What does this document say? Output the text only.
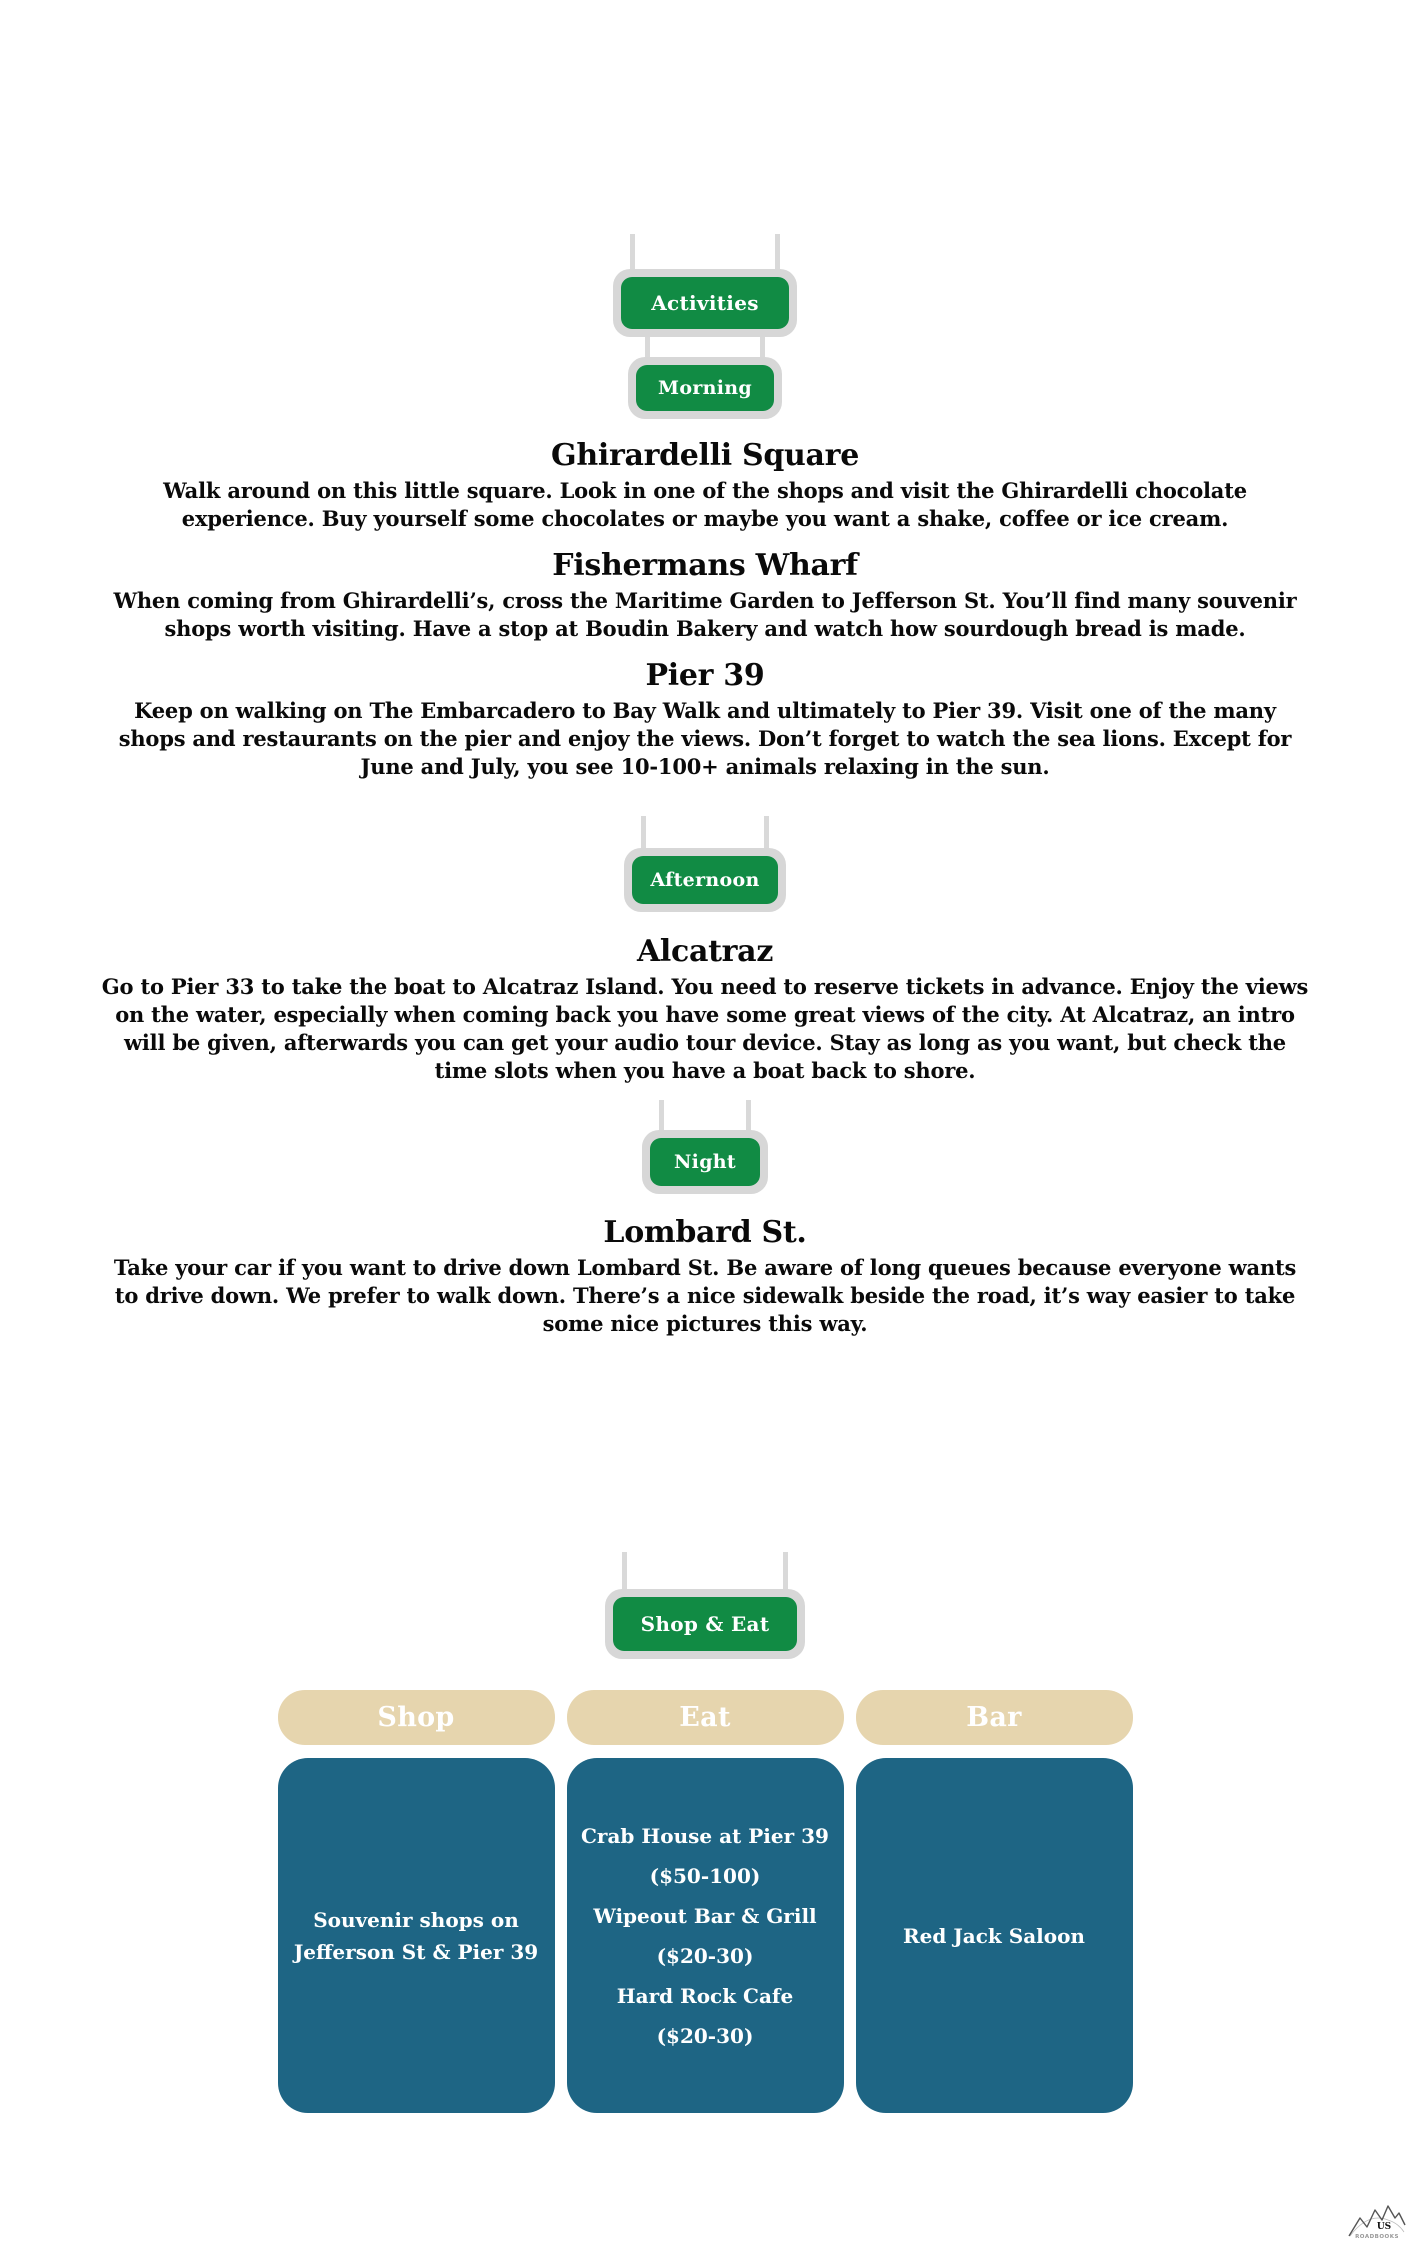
Activities
Morning
Ghirardelli Square

Walk around on this little square. Look in one of the shops and visit the Ghirardelli chocolate experience. Buy yourself some chocolates or maybe you want a shake, coffee or ice cream.

Fishermans Wharf

When coming from Ghirardelli’s, cross the Maritime Garden to Jefferson St. You’ll find many souvenir shops worth visiting. Have a stop at Boudin Bakery and watch how sourdough bread is made.

Pier 39

Keep on walking on The Embarcadero to Bay Walk and ultimately to Pier 39. Visit one of the many shops and restaurants on the pier and enjoy the views. Don’t forget to watch the sea lions. Except for June and July, you see 10-100+ animals relaxing in the sun.

Afternoon
Alcatraz

Go to Pier 33 to take the boat to Alcatraz Island. You need to reserve tickets in advance. Enjoy the views on the water, especially when coming back you have some great views of the city. At Alcatraz, an intro will be given, afterwards you can get your audio tour device. Stay as long as you want, but check the time slots when you have a boat back to shore.

Night
Lombard St.

Take your car if you want to drive down Lombard St. Be aware of long queues because everyone wants to drive down. We prefer to walk down. There’s a nice sidewalk beside the road, it’s way easier to take some nice pictures this way.

Shop & Eat
Shop
Souvenir shops on Jefferson St & Pier 39
Eat
Crab House at Pier 39
($50-100)
Wipeout Bar & Grill
($20-30)
Hard Rock Cafe
($20-30)
Bar
Red Jack Saloon
US
ROADBOOKS
